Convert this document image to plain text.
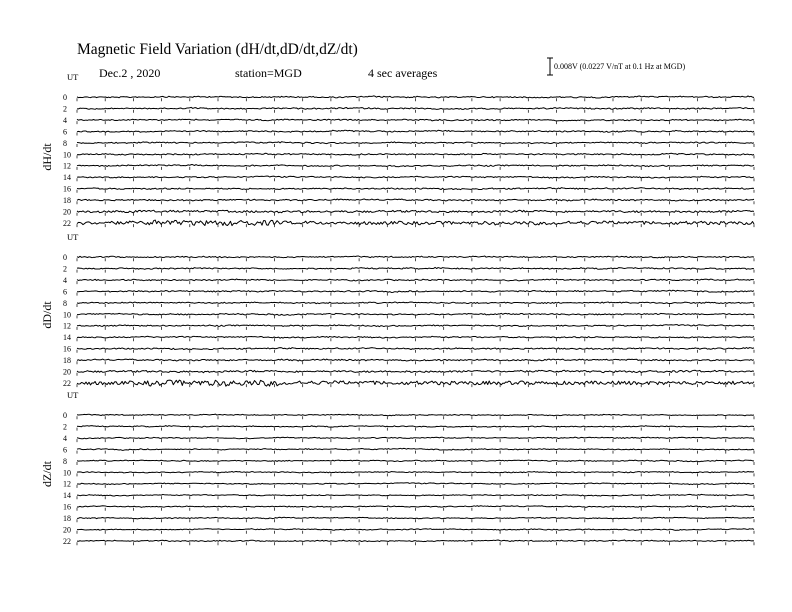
Magnetic Field Variation (dH/dt,dD/dt,dZ/dt)
Dec.2 , 2020	station=MGD	4 sec averages	0.008V (0.0227 V/nT at 0.1 Hz at MGD)
UT
dH/dt
0
2
4
6
8
10
12
14
16
18
20
22
UT
dD/dt
0
2
4
6
8
10
12
14
16
18
20
22
UT
dZ/dt
0
2
4
6
8
10
12
14
16
18
20
22
